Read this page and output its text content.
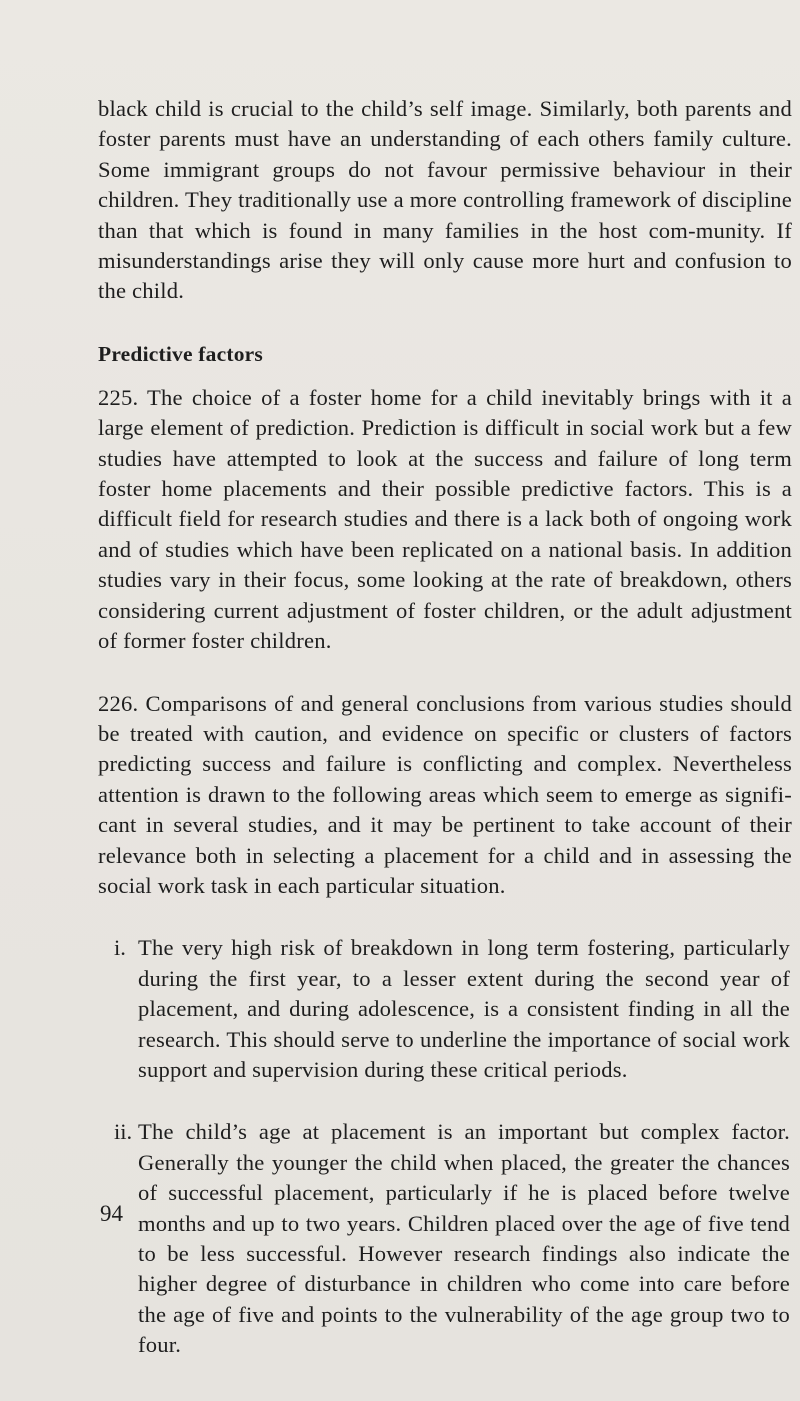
black child is crucial to the child’s self image. Similarly, both parents and foster parents must have an understanding of each others family culture. Some immigrant groups do not favour permissive behaviour in their children. They traditionally use a more controlling framework of discipline than that which is found in many families in the host com-munity. If misunderstandings arise they will only cause more hurt and confusion to the child.

Predictive factors

225. The choice of a foster home for a child inevitably brings with it a large element of prediction. Prediction is difficult in social work but a few studies have attempted to look at the success and failure of long term foster home placements and their possible predictive factors. This is a difficult field for research studies and there is a lack both of ongoing work and of studies which have been replicated on a national basis. In addition studies vary in their focus, some looking at the rate of breakdown, others considering current adjustment of foster children, or the adult adjustment of former foster children.

226. Comparisons of and general conclusions from various studies should be treated with caution, and evidence on specific or clusters of factors predicting success and failure is conflicting and complex. Nevertheless attention is drawn to the following areas which seem to emerge as signifi-cant in several studies, and it may be pertinent to take account of their relevance both in selecting a placement for a child and in assessing the social work task in each particular situation.

i. The very high risk of breakdown in long term fostering, particularly during the first year, to a lesser extent during the second year of placement, and during adolescence, is a consistent finding in all the research. This should serve to underline the importance of social work support and supervision during these critical periods.

ii. The child’s age at placement is an important but complex factor. Generally the younger the child when placed, the greater the chances of successful placement, particularly if he is placed before twelve months and up to two years. Children placed over the age of five tend to be less successful. However research findings also indicate the higher degree of disturbance in children who come into care before the age of five and points to the vulnerability of the age group two to four.

94
